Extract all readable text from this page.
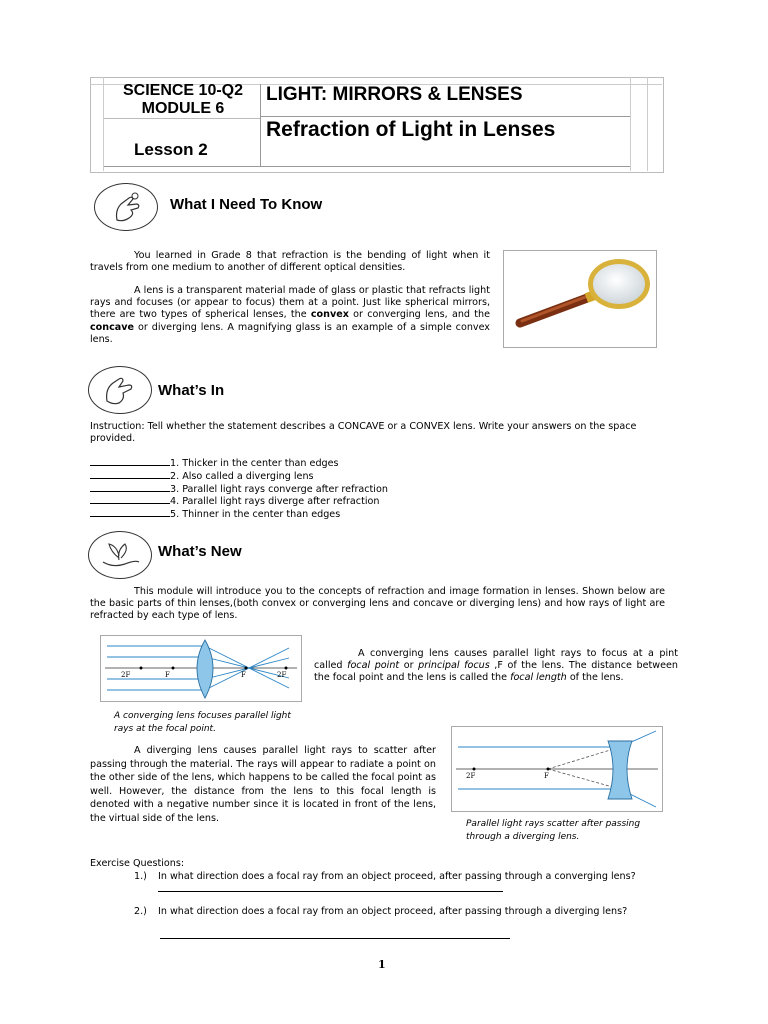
SCIENCE 10-Q2
MODULE 6
Lesson 2
LIGHT: MIRRORS & LENSES
Refraction of Light in Lenses
What I Need To Know
You learned in Grade 8 that refraction is the bending of light when it travels from one medium to another of different optical densities.
A lens is a transparent material made of glass or plastic that refracts light rays and focuses (or appear to focus) them at a point. Just like spherical mirrors, there are two types of spherical lenses, the convex or converging lens, and the concave or diverging lens. A magnifying glass is an example of a simple convex lens.
What’s In
Instruction: Tell whether the statement describes a CONCAVE or a CONVEX lens. Write your answers on the space provided.
1. Thicker in the center than edges
2. Also called a diverging lens
3. Parallel light rays converge after refraction
4. Parallel light rays diverge after refraction
5. Thinner in the center than edges
What’s New
This module will introduce you to the concepts of refraction and image formation in lenses. Shown below are the basic parts of thin lenses,(both convex or converging lens and concave or diverging lens) and how rays of light are refracted by each type of lens.
2F	F	F	2F
A converging lens focuses parallel light rays at the focal point.
A converging lens causes parallel light rays to focus at a pint called focal point or principal focus ,F of the lens. The distance between the focal point and the lens is called the focal length of the lens.
2F	F
Parallel light rays scatter after passing through a diverging lens.
A diverging lens causes parallel light rays to scatter after passing through the material. The rays will appear to radiate a point on the other side of the lens, which happens to be called the focal point as well. However, the distance from the lens to this focal length is denoted with a negative number since it is located in front of the lens, the virtual side of the lens.
Exercise Questions:
1.) In what direction does a focal ray from an object proceed, after passing through a converging lens?
2.) In what direction does a focal ray from an object proceed, after passing through a diverging lens?
1
